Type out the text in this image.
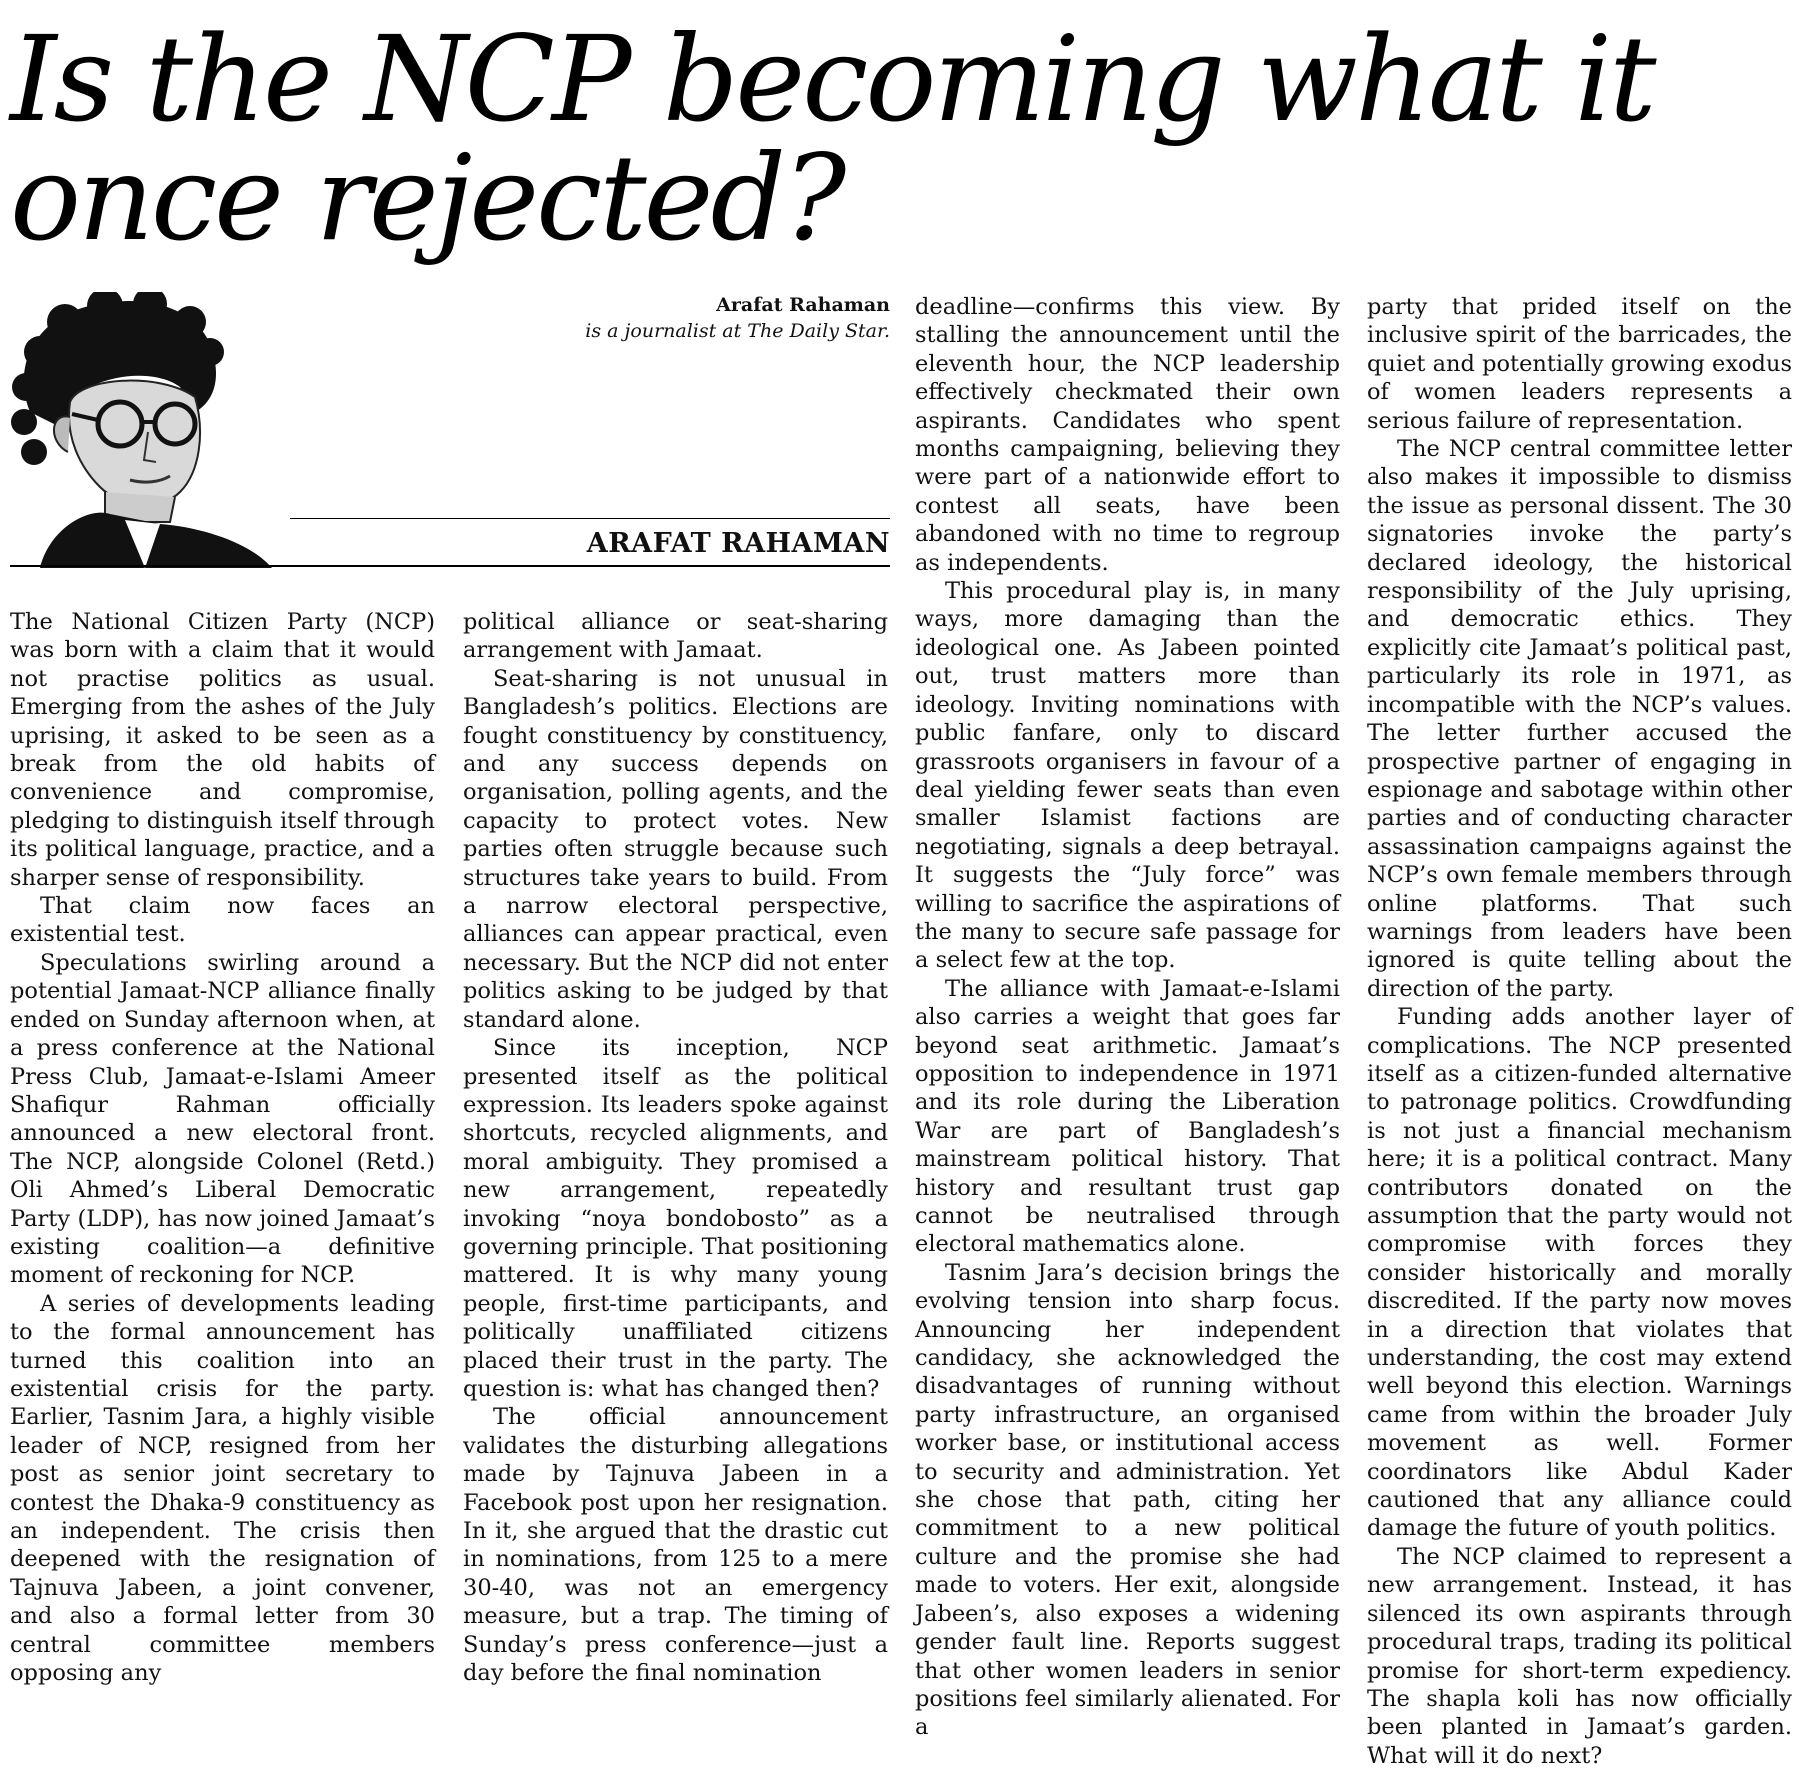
Is the NCP becoming what it once rejected?
Arafat Rahaman
is a journalist at The Daily Star.
ARAFAT RAHAMAN

The National Citizen Party (NCP) was born with a claim that it would not practise politics as usual. Emerging from the ashes of the July uprising, it asked to be seen as a break from the old habits of convenience and compromise, pledging to distinguish itself through its political language, practice, and a sharper sense of responsibility.

That claim now faces an existential test.

Speculations swirling around a potential Jamaat-NCP alliance finally ended on Sunday afternoon when, at a press conference at the National Press Club, Jamaat-e-Islami Ameer Shafiqur Rahman officially announced a new electoral front. The NCP, alongside Colonel (Retd.) Oli Ahmed’s Liberal Democratic Party (LDP), has now joined Jamaat’s existing coalition—a definitive moment of reckoning for NCP.

A series of developments leading to the formal announcement has turned this coalition into an existential crisis for the party. Earlier, Tasnim Jara, a highly visible leader of NCP, resigned from her post as senior joint secretary to contest the Dhaka-9 constituency as an independent. The crisis then deepened with the resignation of Tajnuva Jabeen, a joint convener, and also a formal letter from 30 central committee members opposing any

political alliance or seat-sharing arrangement with Jamaat.

Seat-sharing is not unusual in Bangladesh’s politics. Elections are fought constituency by constituency, and any success depends on organisation, polling agents, and the capacity to protect votes. New parties often struggle because such structures take years to build. From a narrow electoral perspective, alliances can appear practical, even necessary. But the NCP did not enter politics asking to be judged by that standard alone.

Since its inception, NCP presented itself as the political expression. Its leaders spoke against shortcuts, recycled alignments, and moral ambiguity. They promised a new arrangement, repeatedly invoking “noya bondobosto” as a governing principle. That positioning mattered. It is why many young people, first-time participants, and politically unaffiliated citizens placed their trust in the party. The question is: what has changed then?

The official announcement validates the disturbing allegations made by Tajnuva Jabeen in a Facebook post upon her resignation. In it, she argued that the drastic cut in nominations, from 125 to a mere 30-40, was not an emergency measure, but a trap. The timing of Sunday’s press conference—just a day before the final nomination

deadline—confirms this view. By stalling the announcement until the eleventh hour, the NCP leadership effectively checkmated their own aspirants. Candidates who spent months campaigning, believing they were part of a nationwide effort to contest all seats, have been abandoned with no time to regroup as independents.

This procedural play is, in many ways, more damaging than the ideological one. As Jabeen pointed out, trust matters more than ideology. Inviting nominations with public fanfare, only to discard grassroots organisers in favour of a deal yielding fewer seats than even smaller Islamist factions are negotiating, signals a deep betrayal. It suggests the “July force” was willing to sacrifice the aspirations of the many to secure safe passage for a select few at the top.

The alliance with Jamaat-e-Islami also carries a weight that goes far beyond seat arithmetic. Jamaat’s opposition to independence in 1971 and its role during the Liberation War are part of Bangladesh’s mainstream political history. That history and resultant trust gap cannot be neutralised through electoral mathematics alone.

Tasnim Jara’s decision brings the evolving tension into sharp focus. Announcing her independent candidacy, she acknowledged the disadvantages of running without party infrastructure, an organised worker base, or institutional access to security and administration. Yet she chose that path, citing her commitment to a new political culture and the promise she had made to voters. Her exit, alongside Jabeen’s, also exposes a widening gender fault line. Reports suggest that other women leaders in senior positions feel similarly alienated. For a

party that prided itself on the inclusive spirit of the barricades, the quiet and potentially growing exodus of women leaders represents a serious failure of representation.

The NCP central committee letter also makes it impossible to dismiss the issue as personal dissent. The 30 signatories invoke the party’s declared ideology, the historical responsibility of the July uprising, and democratic ethics. They explicitly cite Jamaat’s political past, particularly its role in 1971, as incompatible with the NCP’s values. The letter further accused the prospective partner of engaging in espionage and sabotage within other parties and of conducting character assassination campaigns against the NCP’s own female members through online platforms. That such warnings from leaders have been ignored is quite telling about the direction of the party.

Funding adds another layer of complications. The NCP presented itself as a citizen-funded alternative to patronage politics. Crowdfunding is not just a financial mechanism here; it is a political contract. Many contributors donated on the assumption that the party would not compromise with forces they consider historically and morally discredited. If the party now moves in a direction that violates that understanding, the cost may extend well beyond this election. Warnings came from within the broader July movement as well. Former coordinators like Abdul Kader cautioned that any alliance could damage the future of youth politics.

The NCP claimed to represent a new arrangement. Instead, it has silenced its own aspirants through procedural traps, trading its political promise for short-term expediency. The shapla koli has now officially been planted in Jamaat’s garden. What will it do next?
